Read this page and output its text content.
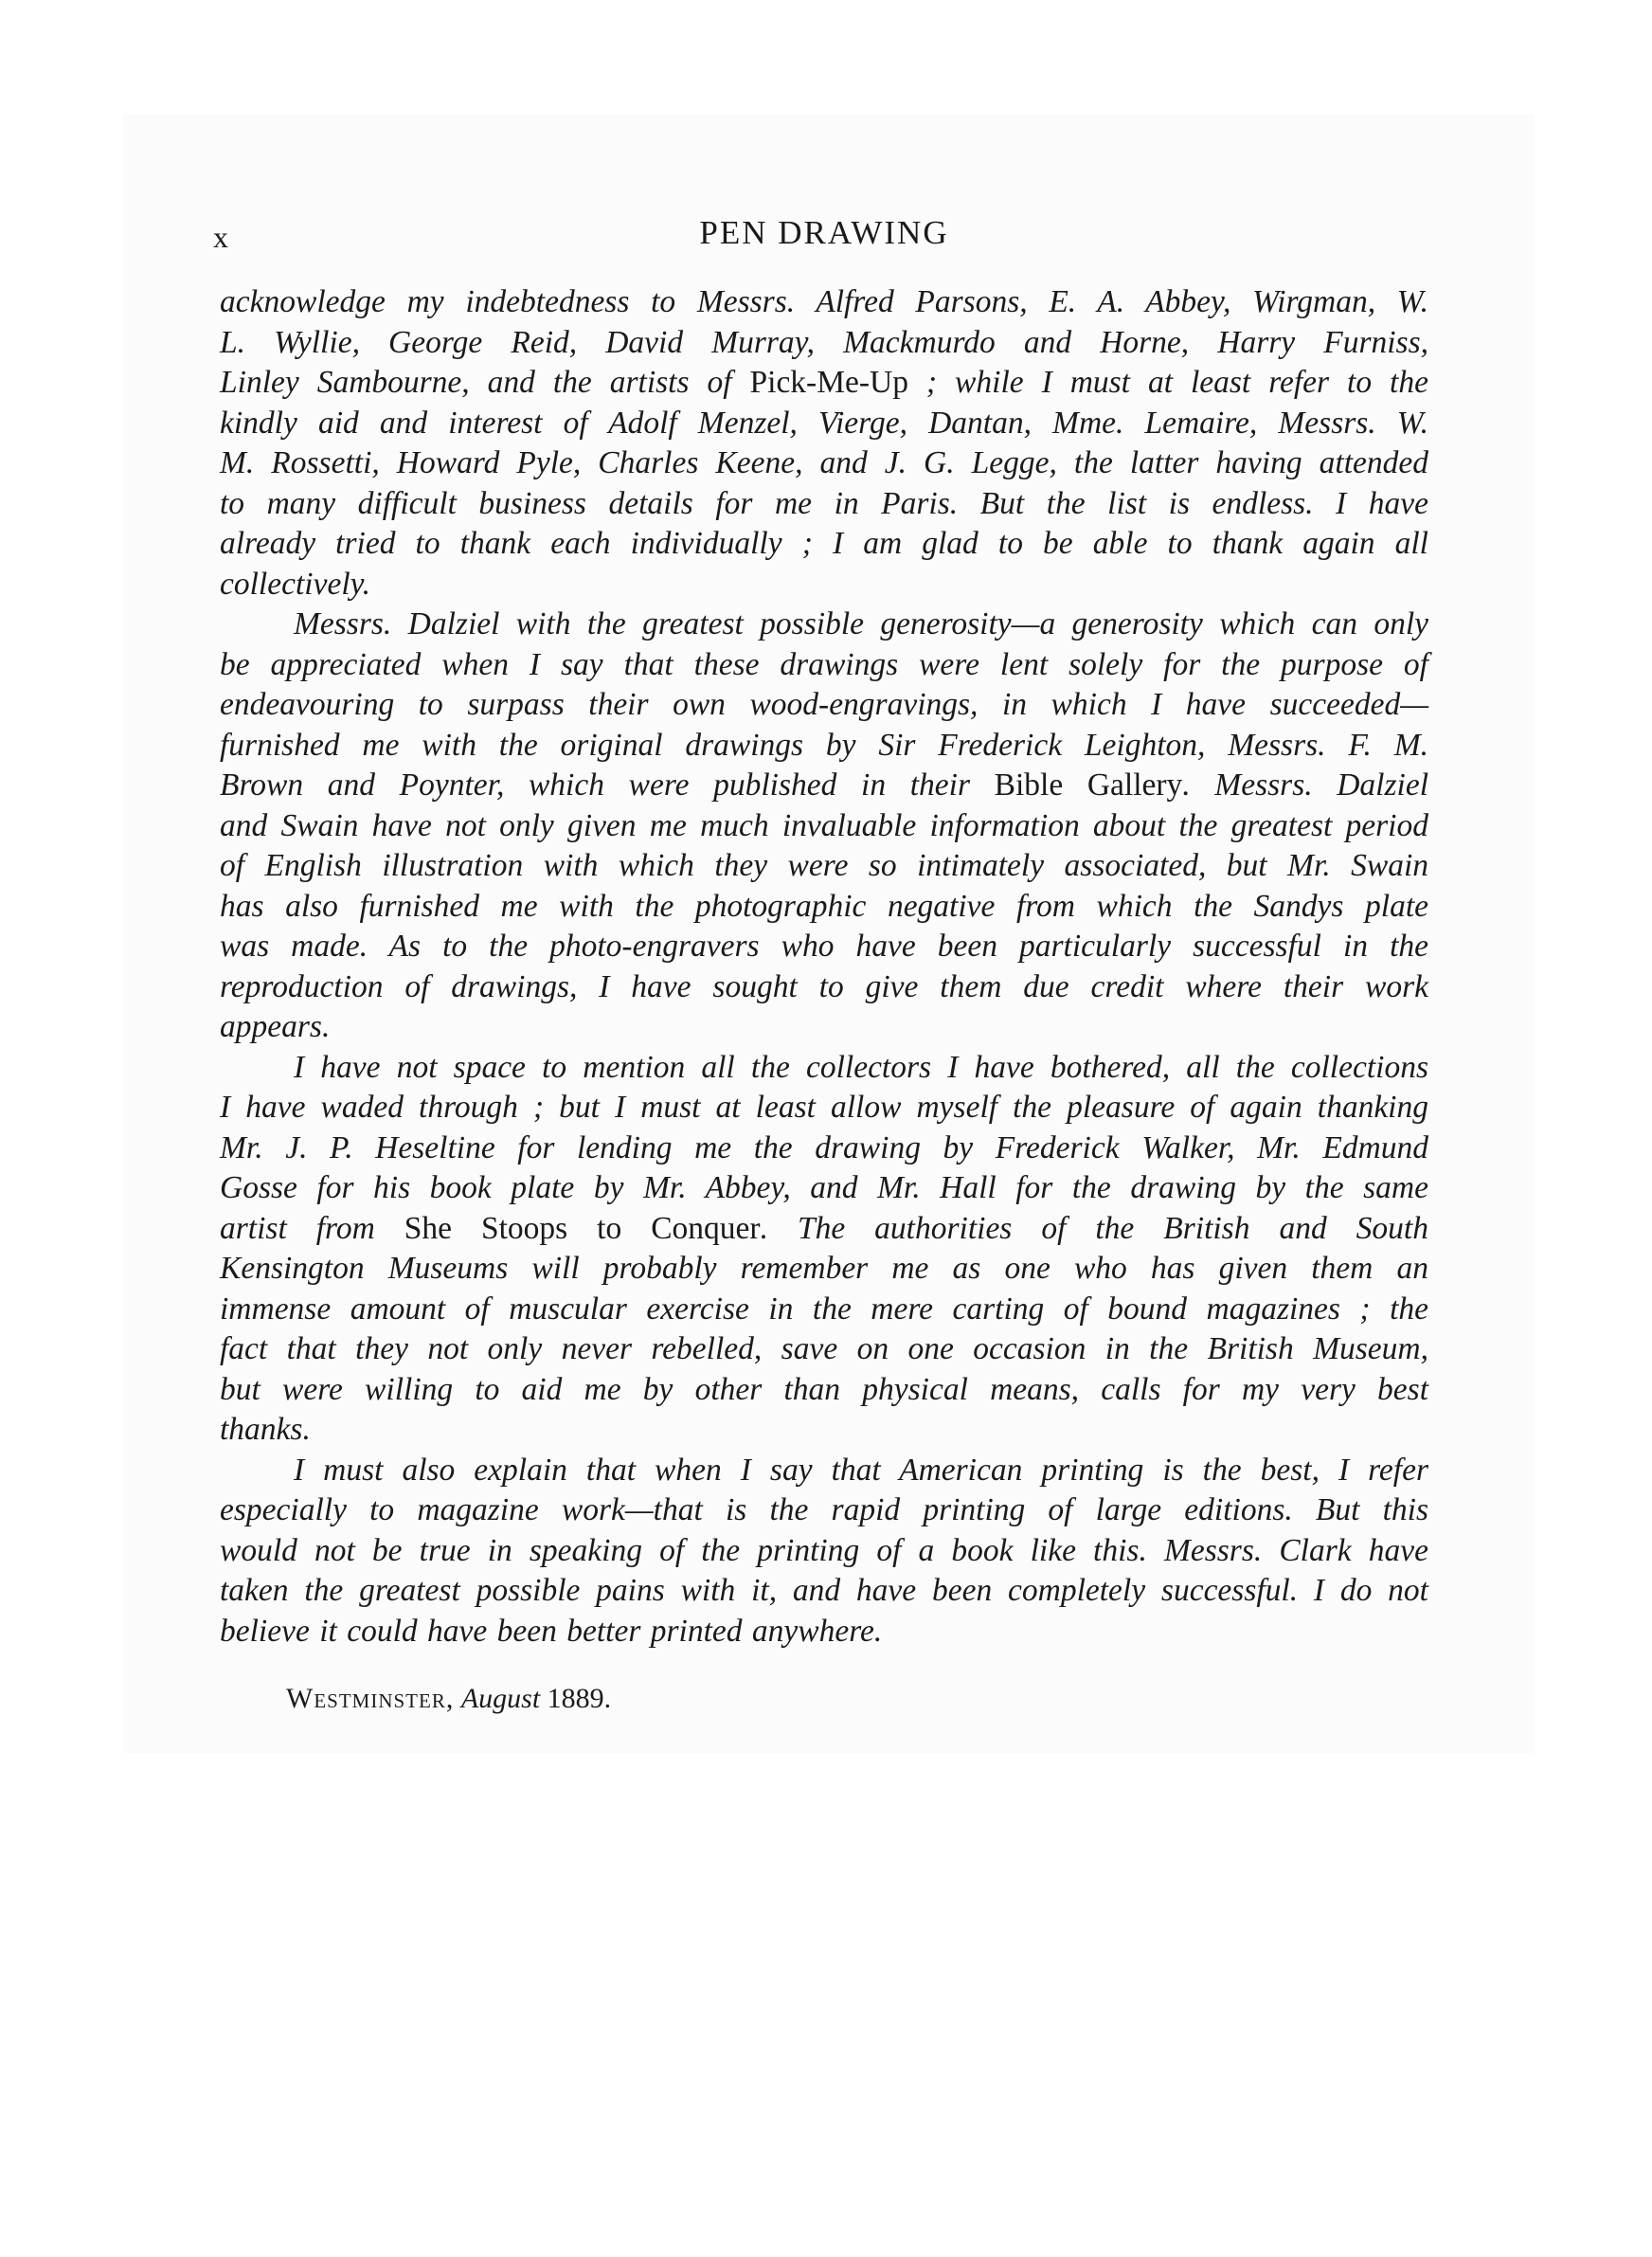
x	PEN DRAWING
acknowledge my indebtedness to Messrs. Alfred Parsons, E. A. Abbey, Wirgman, W.
L. Wyllie, George Reid, David Murray, Mackmurdo and Horne, Harry Furniss,
Linley Sambourne, and the artists of Pick-Me-Up ; while I must at least refer to the
kindly aid and interest of Adolf Menzel, Vierge, Dantan, Mme. Lemaire, Messrs. W.
M. Rossetti, Howard Pyle, Charles Keene, and J. G. Legge, the latter having attended
to many difficult business details for me in Paris. But the list is endless. I have
already tried to thank each individually ; I am glad to be able to thank again all
collectively.
Messrs. Dalziel with the greatest possible generosity—a generosity which can only
be appreciated when I say that these drawings were lent solely for the purpose of
endeavouring to surpass their own wood-engravings, in which I have succeeded—
furnished me with the original drawings by Sir Frederick Leighton, Messrs. F. M.
Brown and Poynter, which were published in their Bible Gallery. Messrs. Dalziel
and Swain have not only given me much invaluable information about the greatest period
of English illustration with which they were so intimately associated, but Mr. Swain
has also furnished me with the photographic negative from which the Sandys plate
was made. As to the photo-engravers who have been particularly successful in the
reproduction of drawings, I have sought to give them due credit where their work
appears.
I have not space to mention all the collectors I have bothered, all the collections
I have waded through ; but I must at least allow myself the pleasure of again thanking
Mr. J. P. Heseltine for lending me the drawing by Frederick Walker, Mr. Edmund
Gosse for his book plate by Mr. Abbey, and Mr. Hall for the drawing by the same
artist from She Stoops to Conquer. The authorities of the British and South
Kensington Museums will probably remember me as one who has given them an
immense amount of muscular exercise in the mere carting of bound magazines ; the
fact that they not only never rebelled, save on one occasion in the British Museum,
but were willing to aid me by other than physical means, calls for my very best
thanks.
I must also explain that when I say that American printing is the best, I refer
especially to magazine work—that is the rapid printing of large editions. But this
would not be true in speaking of the printing of a book like this. Messrs. Clark have
taken the greatest possible pains with it, and have been completely successful. I do not
believe it could have been better printed anywhere.
Westminster, August 1889.
